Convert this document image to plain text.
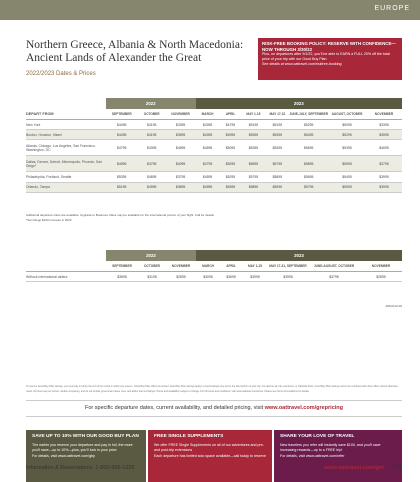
EUROPE
Northern Greece, Albania & North Macedonia: Ancient Lands of Alexander the Great
2022/2023 Dates & Prices
RISK-FREE BOOKING POLICY: RESERVE WITH CONFIDENCE—NOW THROUGH 3/30/22
Plus, on departures after 9/1/22, you'll be able to EARN a FULL 20% off the total price of your trip with our Good Buy Plan
See details at www.oattravel.com/riskfree-booking
	2022			2023						
DEPART FROM	SEPTEMBER	OCTOBER	NOVEMBER	MARCH	APRIL	MAY 1-15	MAY 17-31	JUNE-JULY, SEPTEMBER	AUGUST, OCTOBER	NOVEMBER
New York	$4495	$4195	$3395	$4395	$4795	$5195	$5195	$5295	$5095	$3395
Boston, Houston, Miami	$4495	$4195	$3595	$4395	$4995	$5395	$5395	$5495	$5295	$3595
Atlanta, Chicago, Los Angeles, San Francisco, Washington, DC	$4795	$4395	$4695	$4595	$5095	$5395	$5395	$5695	$5395	$4695
Dallas, Denver, Detroit, Minneapolis, Phoenix, San Diego*	$4995	$4795	$4095	$4795	$5295	$5595	$5795	$5895	$5595	$3795
Philadelphia, Portland, Seattle	$5395	$4695	$3795	$4595	$5295	$5795	$5895	$5695	$5495	$3995
Orlando, Tampa	$5195	$4995	$3895	$4995	$5395	$5895	$5995	$5795	$5595	$3995
Additional departure cities are available. Upgrade to Business Class may be available for the international portion of your flight. Call for details.
*San Diego $100 increase in 2022
	2022			2023					
	SEPTEMBER	OCTOBER	NOVEMBER	MARCH	APRIL	MAY 1-15	MAY 17-31, SEPTEMBER	JUNE-AUGUST, OCTOBER	NOVEMBER
Without international airfare	$3695	$3195	$2895	$3095	$3695	$3995	$3995	$3795	$2895
AMCN12-00
To reserve Good Buy Plan savings, you must pay in full by the end of the month in which you reserve. Good Buy Plan offers are limited. Good Buy Plan savings apply to new bookings only and to the land portion of your trip; not valid on air, trip extensions, or Optional Tours. Good Buy Plan savings cannot be combined with other offers unless otherwise noted. All prices are per person, double occupancy, and do not include government taxes, fees, and airline fuel surcharges. Prices and availability subject to change. For full terms and conditions, visit www.oattravel.com/terms. Please see Terms & Conditions for details.
For specific departure dates, current availability, and detailed pricing, visit www.oattravel.com/grepricing
SAVE UP TO 10% WITH OUR GOOD BUY PLAN
The earlier you reserve your departure and pay in full, the more you'll save—up to 10%—plus, you'll lock in your price
For details, visit www.oattravel.com/gbp
FREE SINGLE SUPPLEMENTS
We offer FREE Single Supplements on all of our adventures and pre- and post-trip extensions
Each departure has limited solo space available—call today to reserve
SHARE YOUR LOVE OF TRAVEL
New travelers you refer will instantly save $100, and you'll save increasing rewards—up to a FREE trip!
For details, visit www.oattravel.com/refer
Information & Reservations: 1-800-955-1925	www.oattravel.com/gre 171
